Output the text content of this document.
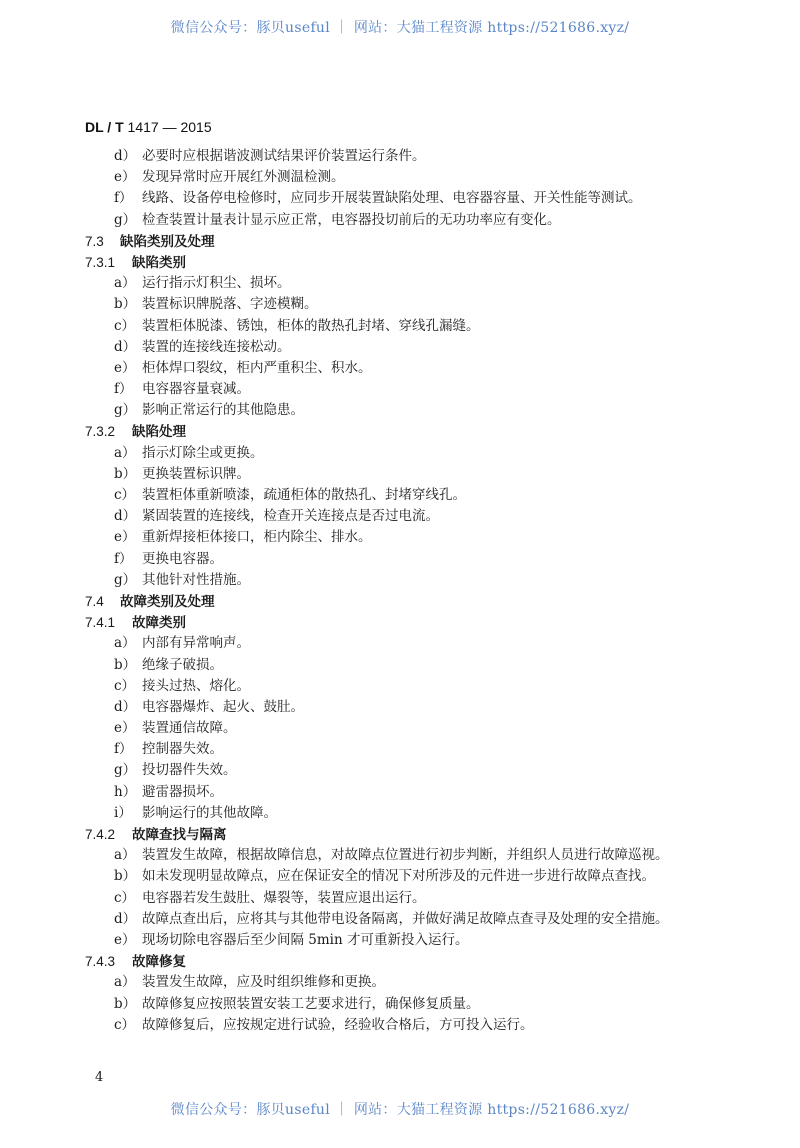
微信公众号：豚贝useful ｜ 网站：大猫工程资源 https://521686.xyz/
DL / T 1417 — 2015
d） 必要时应根据谐波测试结果评价装置运行条件。
e） 发现异常时应开展红外测温检测。
f） 线路、设备停电检修时，应同步开展装置缺陷处理、电容器容量、开关性能等测试。
g） 检查装置计量表计显示应正常，电容器投切前后的无功功率应有变化。
7.3 缺陷类别及处理
7.3.1 缺陷类别
a） 运行指示灯积尘、损坏。
b） 装置标识牌脱落、字迹模糊。
c） 装置柜体脱漆、锈蚀，柜体的散热孔封堵、穿线孔漏缝。
d） 装置的连接线连接松动。
e） 柜体焊口裂纹，柜内严重积尘、积水。
f） 电容器容量衰减。
g） 影响正常运行的其他隐患。
7.3.2 缺陷处理
a） 指示灯除尘或更换。
b） 更换装置标识牌。
c） 装置柜体重新喷漆，疏通柜体的散热孔、封堵穿线孔。
d） 紧固装置的连接线，检查开关连接点是否过电流。
e） 重新焊接柜体接口，柜内除尘、排水。
f） 更换电容器。
g） 其他针对性措施。
7.4 故障类别及处理
7.4.1 故障类别
a） 内部有异常响声。
b） 绝缘子破损。
c） 接头过热、熔化。
d） 电容器爆炸、起火、鼓肚。
e） 装置通信故障。
f） 控制器失效。
g） 投切器件失效。
h） 避雷器损坏。
i） 影响运行的其他故障。
7.4.2 故障查找与隔离
a） 装置发生故障，根据故障信息，对故障点位置进行初步判断，并组织人员进行故障巡视。
b） 如未发现明显故障点，应在保证安全的情况下对所涉及的元件进一步进行故障点查找。
c） 电容器若发生鼓肚、爆裂等，装置应退出运行。
d） 故障点查出后，应将其与其他带电设备隔离，并做好满足故障点查寻及处理的安全措施。
e） 现场切除电容器后至少间隔 5min 才可重新投入运行。
7.4.3 故障修复
a） 装置发生故障，应及时组织维修和更换。
b） 故障修复应按照装置安装工艺要求进行，确保修复质量。
c） 故障修复后，应按规定进行试验，经验收合格后，方可投入运行。
4
微信公众号：豚贝useful ｜ 网站：大猫工程资源 https://521686.xyz/
